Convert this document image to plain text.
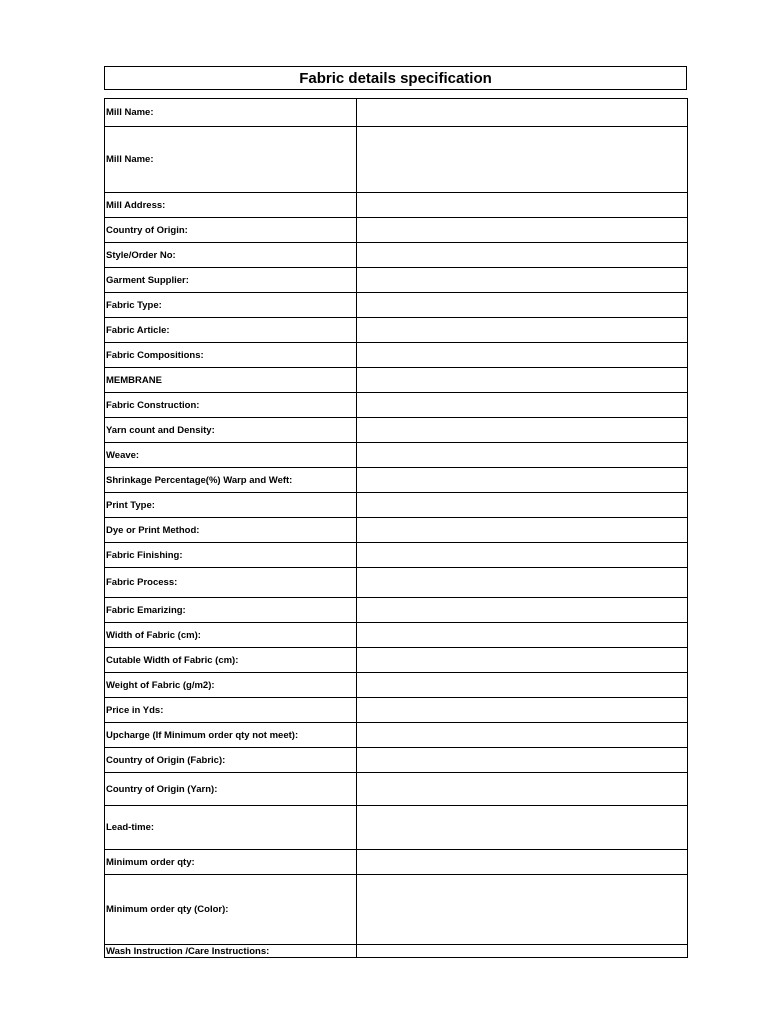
Fabric details specification
Mill Name:	
Mill Name:	
Mill Address:	
Country of Origin:	
Style/Order No:	
Garment Supplier:	
Fabric Type:	
Fabric Article:	
Fabric Compositions:	
MEMBRANE	
Fabric Construction:	
Yarn count and Density:	
Weave:	
Shrinkage Percentage(%) Warp and Weft:	
Print Type:	
Dye or Print Method:	
Fabric Finishing:	
Fabric Process:	
Fabric Emarizing:	
Width of Fabric (cm):	
Cutable Width of Fabric (cm):	
Weight of Fabric (g/m2):	
Price in Yds:	
Upcharge (If Minimum order qty not meet):	
Country of Origin (Fabric):	
Country of Origin (Yarn):	
Lead-time:	
Minimum order qty:	
Minimum order qty (Color):	
Wash Instruction /Care Instructions:	
